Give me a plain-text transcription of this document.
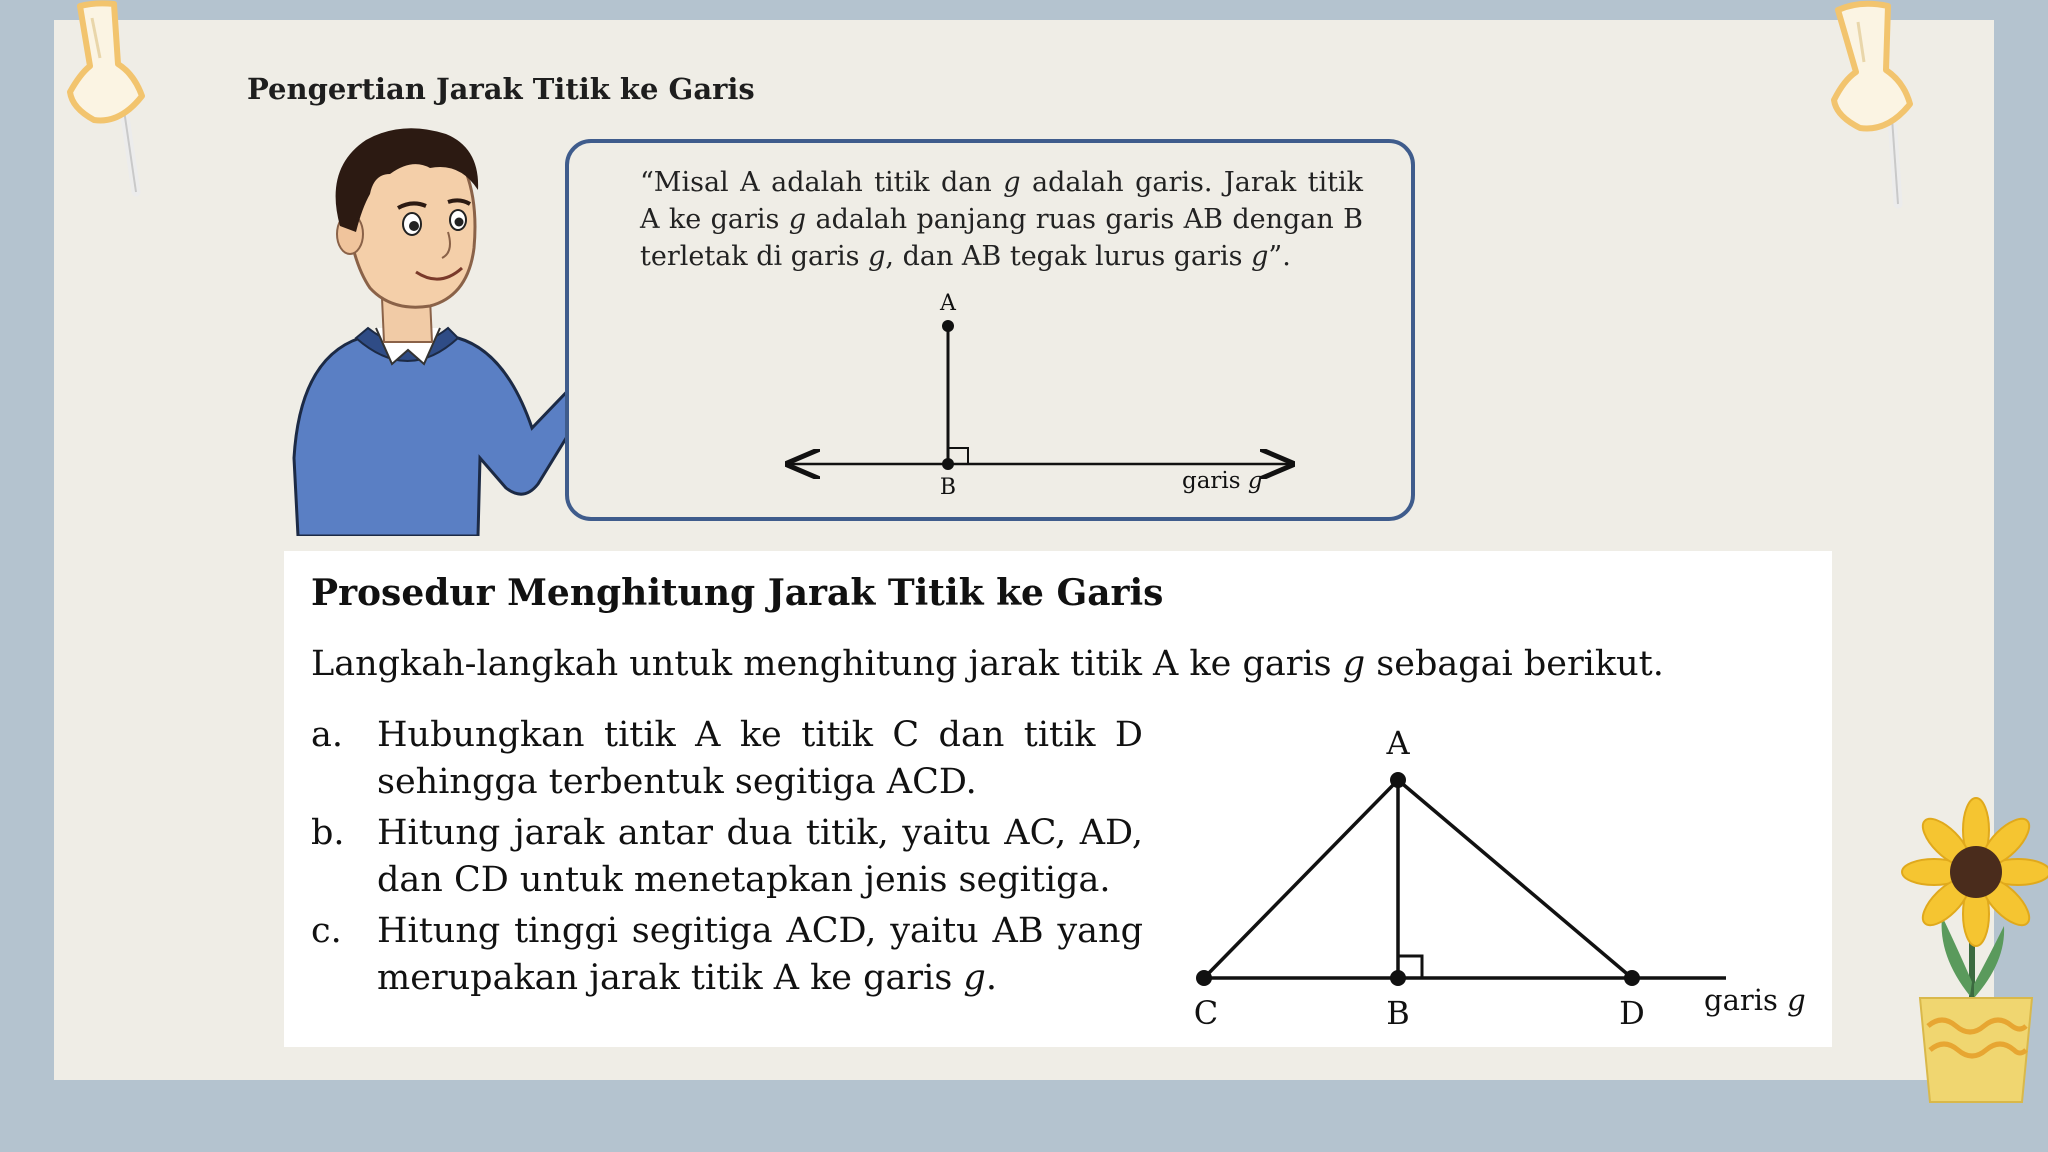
Pengertian Jarak Titik ke Garis

“Misal A adalah titik dan g adalah garis. Jarak titik A ke garis g adalah panjang ruas garis AB dengan B terletak di garis g, dan AB tegak lurus garis g”.

A
B	garis g
Prosedur Menghitung Jarak Titik ke Garis

Langkah-langkah untuk menghitung jarak titik A ke garis g sebagai berikut.

a. Hubungkan titik A ke titik C dan titik D sehingga terbentuk segitiga ACD.
b. Hitung jarak antar dua titik, yaitu AC, AD, dan CD untuk menetapkan jenis segitiga.
c.	Hitung tinggi segitiga ACD, yaitu AB yang merupakan jarak titik A ke garis g.
A
C	B	D garis g
